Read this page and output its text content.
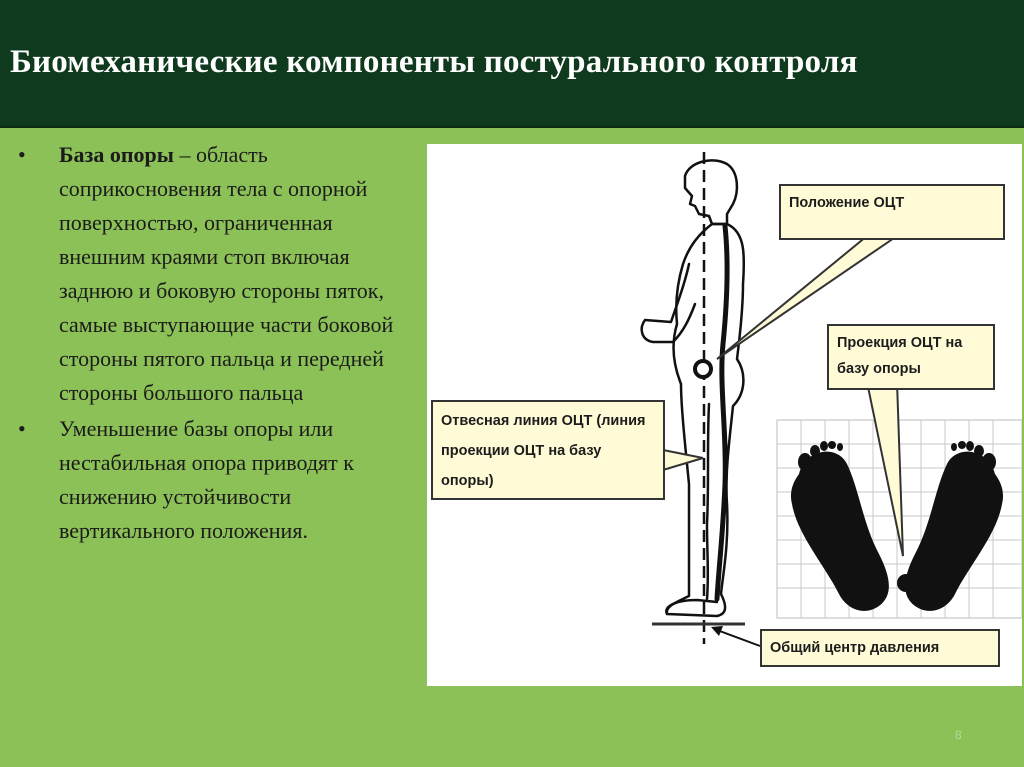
Биомеханические компоненты постурального контроля
• База опоры – область соприкосновения тела с опорной поверхностью, ограниченная внешним краями стоп включая заднюю и боковую стороны пяток, самые выступающие части боковой стороны пятого пальца и передней стороны большого пальца
• Уменьшение базы опоры или нестабильная опора приводят к снижению устойчивости вертикального положения.
Положение ОЦТ
Проекция ОЦТ на базу опоры
Отвесная линия ОЦТ (линия проекции ОЦТ на базу опоры)
Общий центр давления
8
